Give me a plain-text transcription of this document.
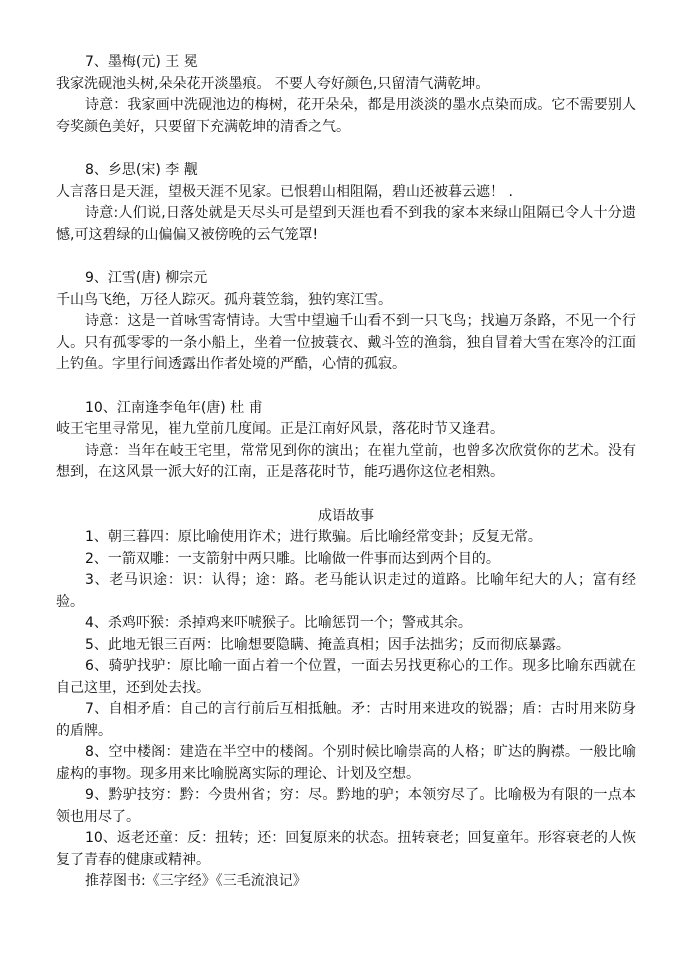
7、墨梅(元) 王 冕
我家洗砚池头树,朵朵花开淡墨痕。 不要人夸好颜色,只留清气满乾坤。
诗意：我家画中洗砚池边的梅树，花开朵朵，都是用淡淡的墨水点染而成。它不需要别人夸奖颜色美好，只要留下充满乾坤的清香之气。
8、乡思(宋) 李 觏
人言落日是天涯，望极天涯不见家。已恨碧山相阻隔，碧山还被暮云遮！ .
诗意:人们说,日落处就是天尽头可是望到天涯也看不到我的家本来绿山阻隔已令人十分遗憾,可这碧绿的山偏偏又被傍晚的云气笼罩!
9、江雪(唐) 柳宗元
千山鸟飞绝，万径人踪灭。孤舟蓑笠翁，独钓寒江雪。
诗意：这是一首咏雪寄情诗。大雪中望遍千山看不到一只飞鸟；找遍万条路，不见一个行人。只有孤零零的一条小船上，坐着一位披蓑衣、戴斗笠的渔翁，独自冒着大雪在寒冷的江面上钓鱼。字里行间透露出作者处境的严酷，心情的孤寂。
10、江南逢李龟年(唐) 杜 甫
岐王宅里寻常见，崔九堂前几度闻。正是江南好风景，落花时节又逢君。
诗意：当年在岐王宅里，常常见到你的演出；在崔九堂前，也曾多次欣赏你的艺术。没有想到，在这风景一派大好的江南，正是落花时节，能巧遇你这位老相熟。
成语故事
1、朝三暮四：原比喻使用诈术；进行欺骗。后比喻经常变卦；反复无常。
2、一箭双雕：一支箭射中两只雕。比喻做一件事而达到两个目的。
3、老马识途：识：认得；途：路。老马能认识走过的道路。比喻年纪大的人；富有经验。
4、杀鸡吓猴：杀掉鸡来吓唬猴子。比喻惩罚一个；警戒其余。
5、此地无银三百两：比喻想要隐瞒、掩盖真相；因手法拙劣；反而彻底暴露。
6、骑驴找驴：原比喻一面占着一个位置，一面去另找更称心的工作。现多比喻东西就在自己这里，还到处去找。
7、自相矛盾：自己的言行前后互相抵触。矛：古时用来进攻的锐器；盾：古时用来防身的盾牌。
8、空中楼阁：建造在半空中的楼阁。个别时候比喻崇高的人格；旷达的胸襟。一般比喻虚构的事物。现多用来比喻脱离实际的理论、计划及空想。
9、黔驴技穷：黔：今贵州省；穷：尽。黔地的驴；本领穷尽了。比喻极为有限的一点本领也用尽了。
10、返老还童：反：扭转；还：回复原来的状态。扭转衰老；回复童年。形容衰老的人恢复了青春的健康或精神。
推荐图书:《三字经》《三毛流浪记》
